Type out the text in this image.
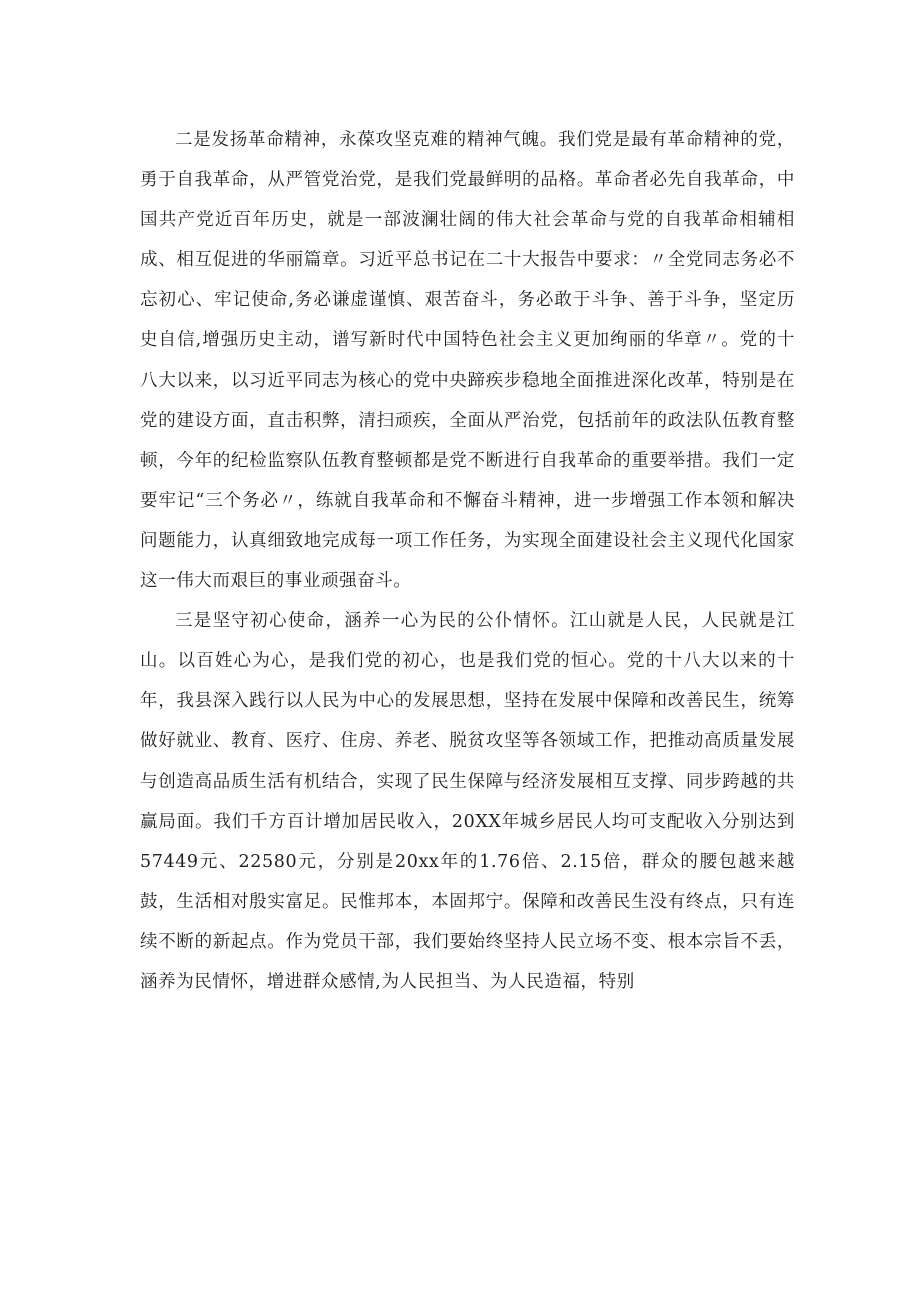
二是发扬革命精神，永葆攻坚克难的精神气魄。我们党是最有革命精神的党，勇于自我革命，从严管党治党，是我们党最鲜明的品格。革命者必先自我革命，中国共产党近百年历史，就是一部波澜壮阔的伟大社会革命与党的自我革命相辅相成、相互促进的华丽篇章。习近平总书记在二十大报告中要求：〃全党同志务必不忘初心、牢记使命,务必谦虚谨慎、艰苦奋斗，务必敢于斗争、善于斗争，坚定历史自信,增强历史主动，谱写新时代中国特色社会主义更加绚丽的华章〃。党的十八大以来，以习近平同志为核心的党中央蹄疾步稳地全面推进深化改革，特别是在党的建设方面，直击积弊，清扫顽疾，全面从严治党，包括前年的政法队伍教育整顿，今年的纪检监察队伍教育整顿都是党不断进行自我革命的重要举措。我们一定要牢记“三个务必〃，练就自我革命和不懈奋斗精神，进一步增强工作本领和解决问题能力，认真细致地完成每一项工作任务，为实现全面建设社会主义现代化国家这一伟大而艰巨的事业顽强奋斗。

三是坚守初心使命，涵养一心为民的公仆情怀。江山就是人民，人民就是江山。以百姓心为心，是我们党的初心，也是我们党的恒心。党的十八大以来的十年，我县深入践行以人民为中心的发展思想，坚持在发展中保障和改善民生，统筹做好就业、教育、医疗、住房、养老、脱贫攻坚等各领域工作，把推动高质量发展与创造高品质生活有机结合，实现了民生保障与经济发展相互支撑、同步跨越的共赢局面。我们千方百计增加居民收入，20XX年城乡居民人均可支配收入分别达到57449元、22580元，分别是20xx年的1.76倍、2.15倍，群众的腰包越来越鼓，生活相对殷实富足。民惟邦本，本固邦宁。保障和改善民生没有终点，只有连续不断的新起点。作为党员干部，我们要始终坚持人民立场不变、根本宗旨不丢，涵养为民情怀，增进群众感情,为人民担当、为人民造福，特别
